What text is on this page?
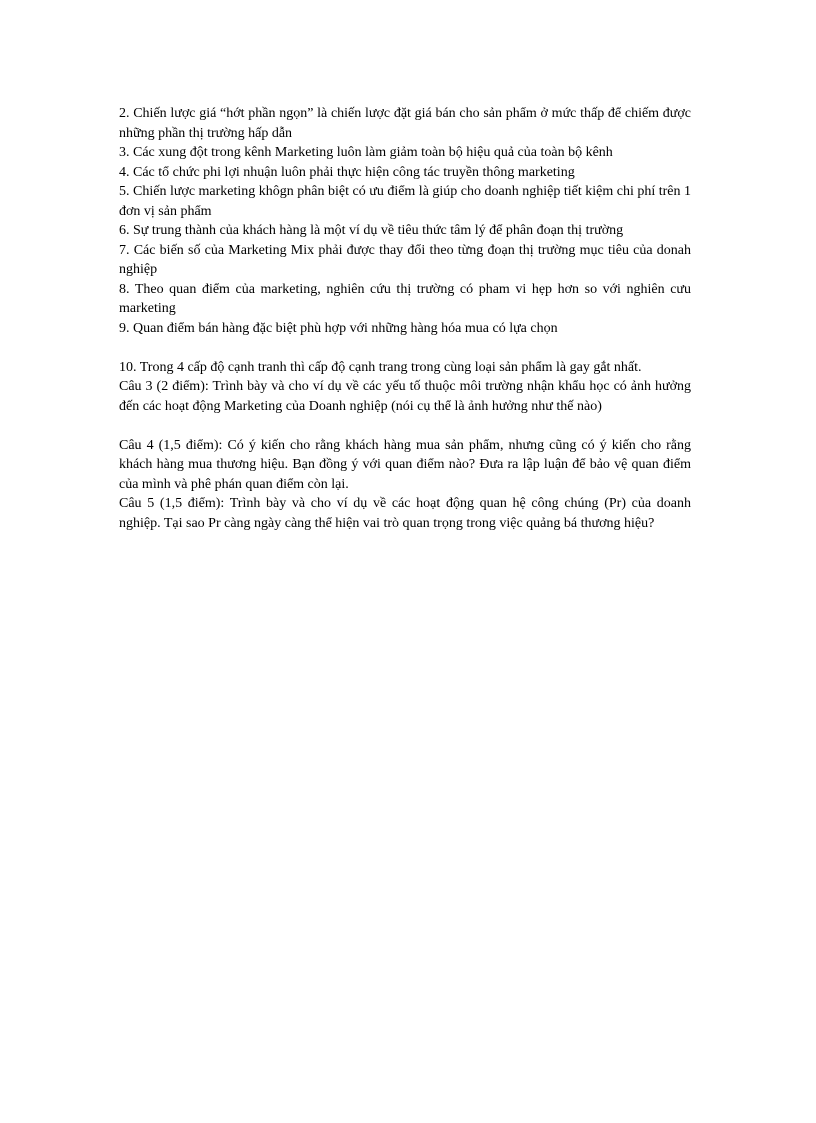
2. Chiến lược giá “hớt phần ngọn” là chiến lược đặt giá bán cho sản phẩm ở mức thấp để chiếm được những phần thị trường hấp dẫn

3. Các xung đột trong kênh Marketing luôn làm giảm toàn bộ hiệu quả của toàn bộ kênh

4. Các tổ chức phi lợi nhuận luôn phải thực hiện công tác truyền thông marketing

5. Chiến lược marketing khôgn phân biệt có ưu điểm là giúp cho doanh nghiệp tiết kiệm chi phí trên 1 đơn vị sản phẩm

6. Sự trung thành của khách hàng là một ví dụ về tiêu thức tâm lý để phân đoạn thị trường

7. Các biến số của Marketing Mix phải được thay đổi theo từng đoạn thị trường mục tiêu của donah nghiệp

8. Theo quan điểm của marketing, nghiên cứu thị trường có pham vi hẹp hơn so với nghiên cưu marketing

9. Quan điểm bán hàng đặc biệt phù hợp với những hàng hóa mua có lựa chọn

10. Trong 4 cấp độ cạnh tranh thì cấp độ cạnh trang trong cùng loại sản phẩm là gay gắt nhất.

Câu 3 (2 điểm): Trình bày và cho ví dụ về các yếu tố thuộc môi trường nhận khẩu học có ảnh hưởng đến các hoạt động Marketing của Doanh nghiệp (nói cụ thể là ảnh hưởng như thế nào)

Câu 4 (1,5 điểm): Có ý kiến cho rằng khách hàng mua sản phẩm, nhưng cũng có ý kiến cho rằng khách hàng mua thương hiệu. Bạn đồng ý với quan điểm nào? Đưa ra lập luận để bảo vệ quan điểm của mình và phê phán quan điểm còn lại.

Câu 5 (1,5 điểm): Trình bày và cho ví dụ về các hoạt động quan hệ công chúng (Pr) của doanh nghiệp. Tại sao Pr càng ngày càng thể hiện vai trò quan trọng trong việc quảng bá thương hiệu?
